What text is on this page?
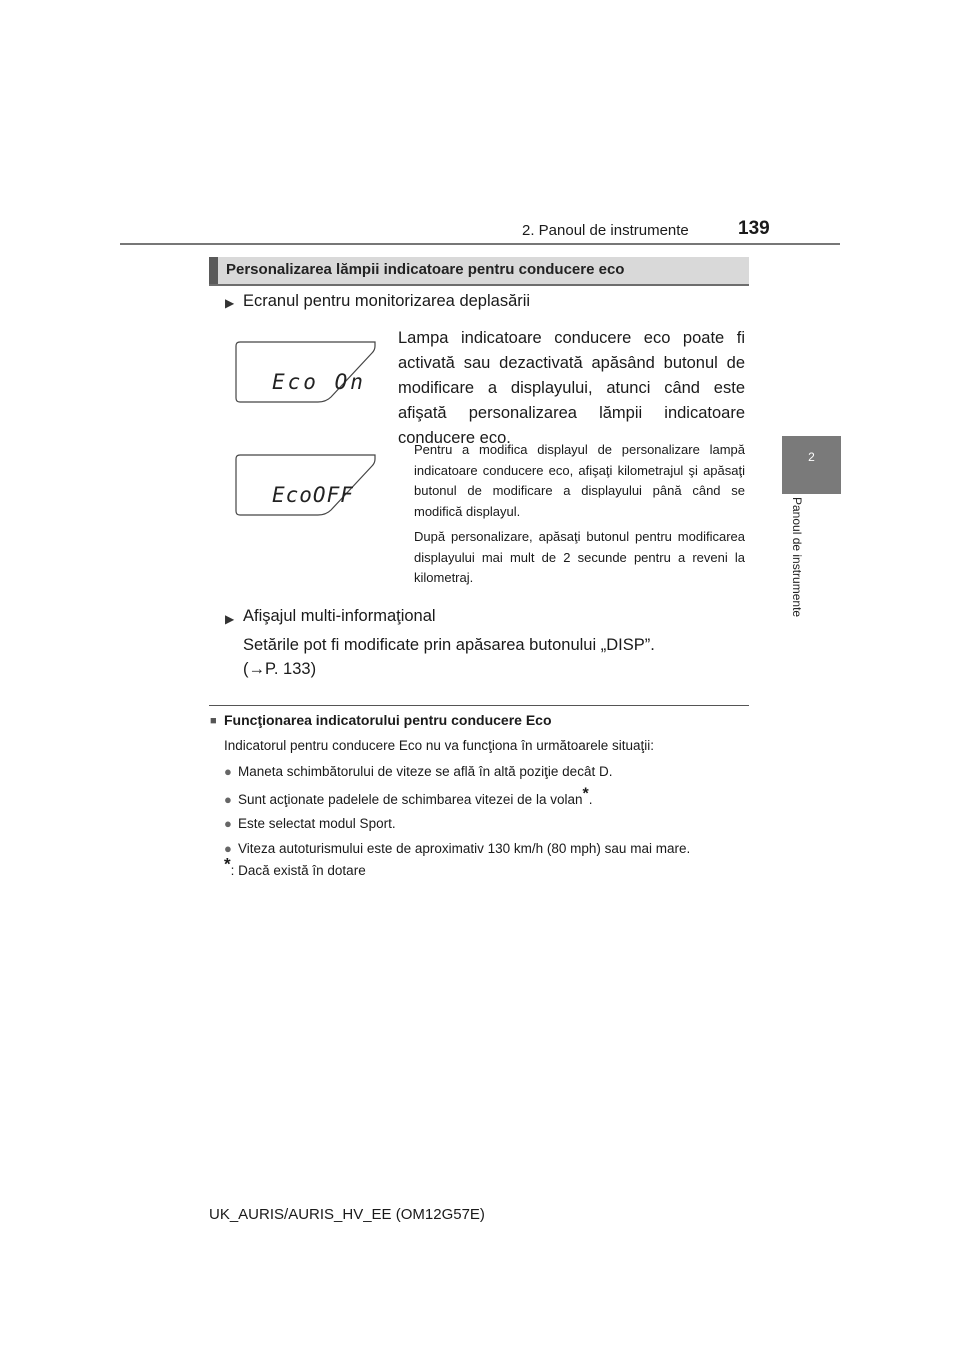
2. Panoul de instrumente	139
2
Panoul de instrumente
Personalizarea lămpii indicatoare pentru conducere eco
▶ Ecranul pentru monitorizarea deplasării
Eco On
EcoOFF
Lampa indicatoare conducere eco poate fi activată sau dezactivată apăsând butonul de modificare a displayului, atunci când este afişată personalizarea lămpii indicatoare conducere eco.
Pentru a modifica displayul de personalizare lampă indicatoare conducere eco, afişaţi kilometrajul şi apăsaţi butonul de modificare a displayului până când se modifică displayul.
După personalizare, apăsaţi butonul pentru modificarea displayului mai mult de 2 secunde pentru a reveni la kilometraj.
▶ Afişajul multi-informaţional
Setările pot fi modificate prin apăsarea butonului „DISP”.
(→P. 133)
■ Funcţionarea indicatorului pentru conducere Eco
Indicatorul pentru conducere Eco nu va funcţiona în următoarele situaţii:
● Maneta schimbătorului de viteze se află în altă poziţie decât D.
● Sunt acţionate padelele de schimbarea vitezei de la volan*.
● Este selectat modul Sport.
● Viteza autoturismului este de aproximativ 130 km/h (80 mph) sau mai mare.
*: Dacă există în dotare
UK_AURIS/AURIS_HV_EE (OM12G57E)
